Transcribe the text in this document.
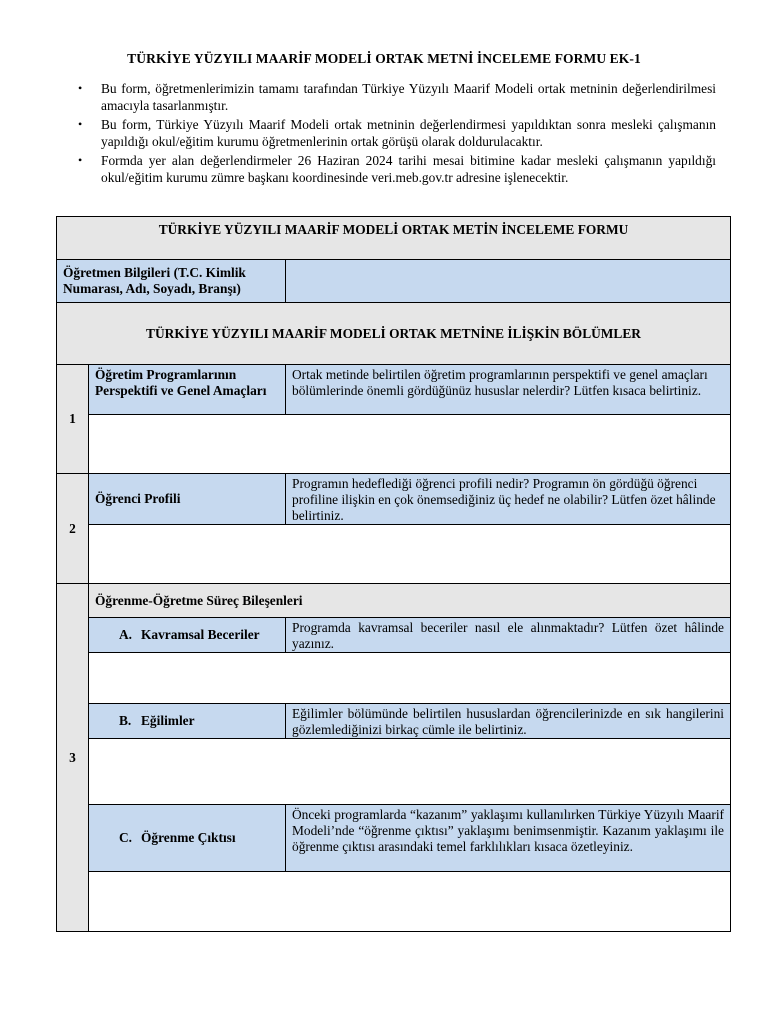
TÜRKİYE YÜZYILI MAARİF MODELİ ORTAK METNİ İNCELEME FORMU EK-1
• Bu form, öğretmenlerimizin tamamı tarafından Türkiye Yüzyılı Maarif Modeli ortak metninin değerlendirilmesi amacıyla tasarlanmıştır.
• Bu form, Türkiye Yüzyılı Maarif Modeli ortak metninin değerlendirmesi yapıldıktan sonra mesleki çalışmanın yapıldığı okul/eğitim kurumu öğretmenlerinin ortak görüşü olarak doldurulacaktır.
• Formda yer alan değerlendirmeler 26 Haziran 2024 tarihi mesai bitimine kadar mesleki çalışmanın yapıldığı okul/eğitim kurumu zümre başkanı koordinesinde veri.meb.gov.tr adresine işlenecektir.
TÜRKİYE YÜZYILI MAARİF MODELİ ORTAK METİN İNCELEME FORMU		
Öğretmen Bilgileri (T.C. Kimlik Numarası, Adı, Soyadı, Branşı)		
TÜRKİYE YÜZYILI MAARİF MODELİ ORTAK METNİNE İLİŞKİN BÖLÜMLER		
1	Öğretim Programlarının Perspektifi ve Genel Amaçları	Ortak metinde belirtilen öğretim programlarının perspektifi ve genel amaçları bölümlerinde önemli gördüğünüz hususlar nelerdir? Lütfen kısaca belirtiniz.

2	Öğrenci Profili	Programın hedeflediği öğrenci profili nedir? Programın ön gördüğü öğrenci profiline ilişkin en çok önemsediğiniz üç hedef ne olabilir? Lütfen özet hâlinde belirtiniz.

3	Öğrenme-Öğretme Süreç Bileşenleri	
	A. Kavramsal Beceriler	Programda kavramsal beceriler nasıl ele alınmaktadır? Lütfen özet hâlinde yazınız.

	B. Eğilimler	Eğilimler bölümünde belirtilen hususlardan öğrencilerinizde en sık hangilerini gözlemlediğinizi birkaç cümle ile belirtiniz.

	C. Öğrenme Çıktısı	Önceki programlarda “kazanım” yaklaşımı kullanılırken Türkiye Yüzyılı Maarif Modeli’nde “öğrenme çıktısı” yaklaşımı benimsenmiştir. Kazanım yaklaşımı ile öğrenme çıktısı arasındaki temel farklılıkları kısaca özetleyiniz.
